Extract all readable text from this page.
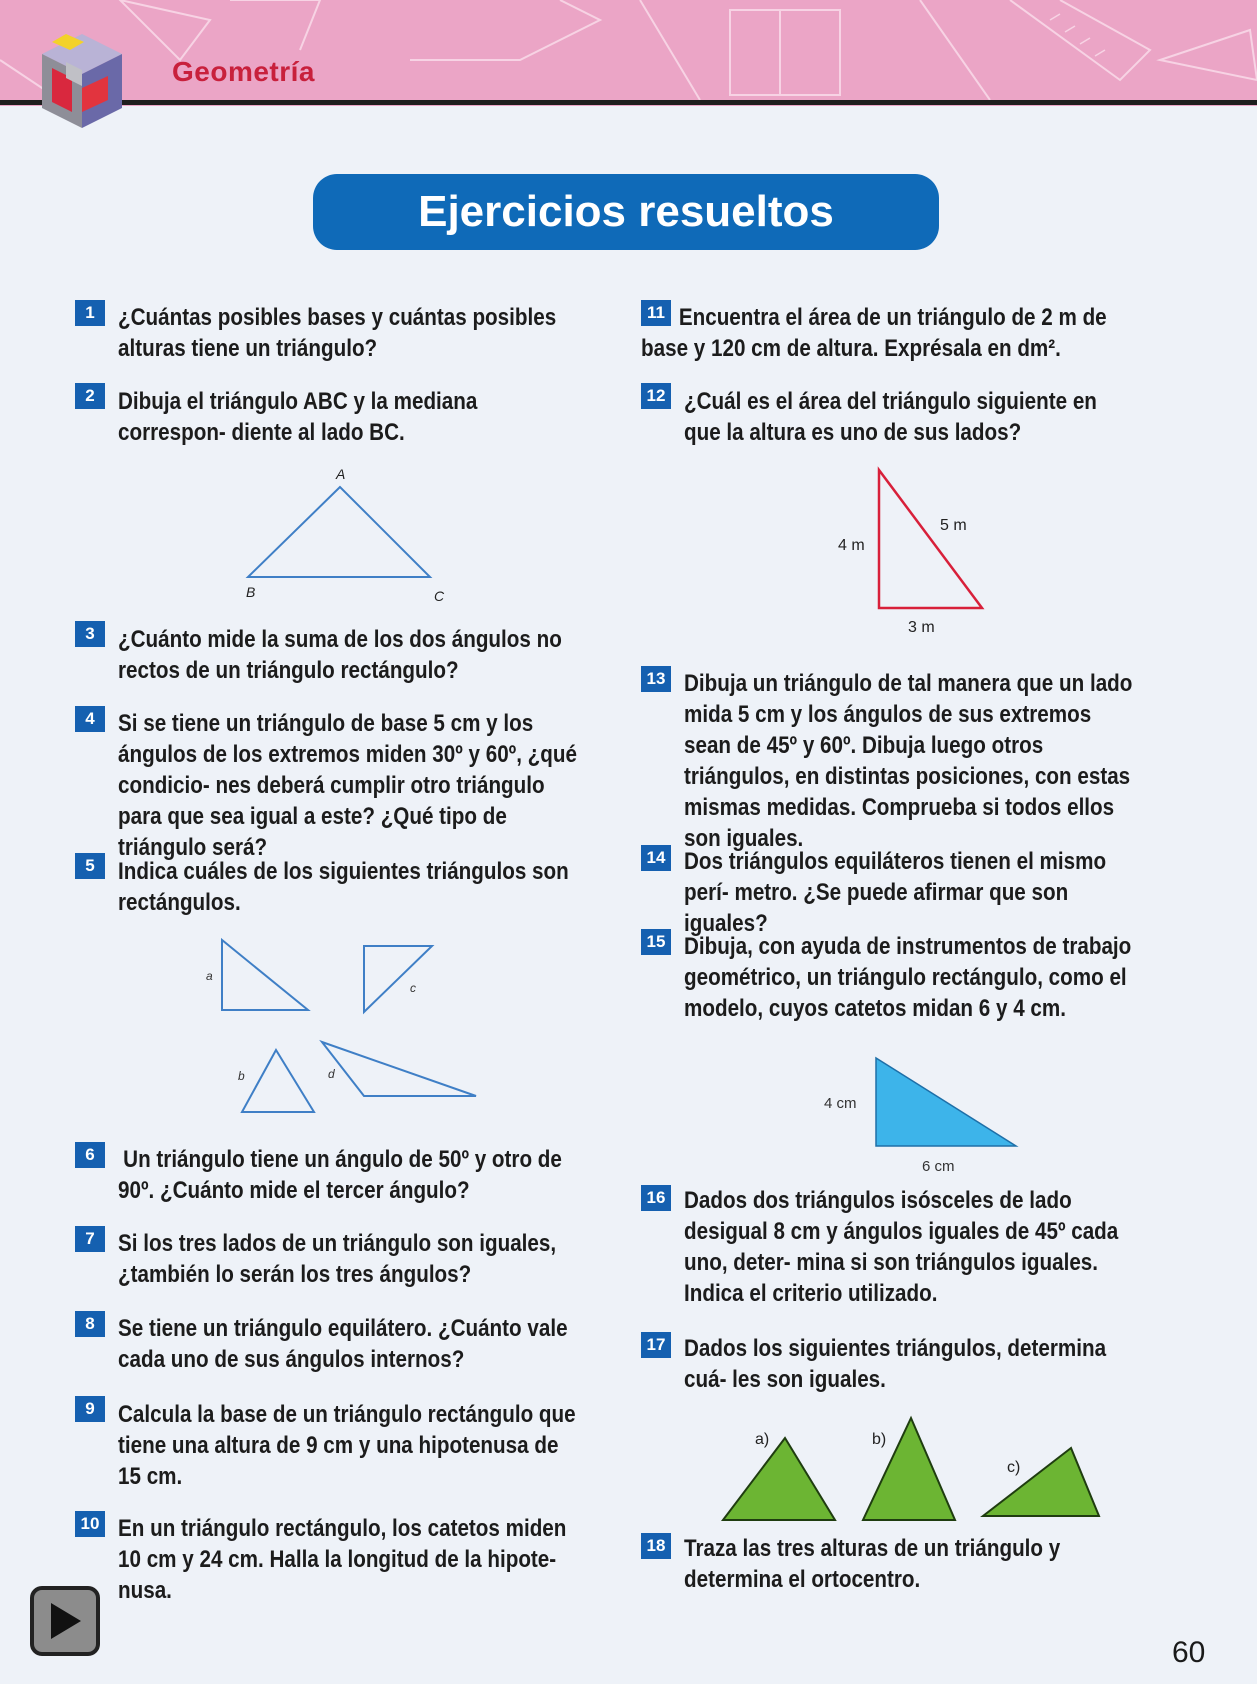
Geometría
Ejercicios resueltos
1 ¿Cuántas posibles bases y cuántas posibles alturas tiene un triángulo?
2 Dibuja el triángulo ABC y la mediana correspon- diente al lado BC.
A
B	C
3 ¿Cuánto mide la suma de los dos ángulos no rectos de un triángulo rectángulo?
4 Si se tiene un triángulo de base 5 cm y los ángulos de los extremos miden 30º y 60º, ¿qué condicio- nes deberá cumplir otro triángulo para que sea igual a este? ¿Qué tipo de triángulo será?
5 Indica cuáles de los siguientes triángulos son rectángulos.
a
b
c
d
6	Un triángulo tiene un ángulo de 50º y otro de 90º. ¿Cuánto mide el tercer ángulo?
7 Si los tres lados de un triángulo son iguales, ¿también lo serán los tres ángulos?
8 Se tiene un triángulo equilátero. ¿Cuánto vale cada uno de sus ángulos internos?
9 Calcula la base de un triángulo rectángulo que tiene una altura de 9 cm y una hipotenusa de 15 cm.
10 En un triángulo rectángulo, los catetos miden 10 cm y 24 cm. Halla la longitud de la hipote- nusa.
11 Encuentra el área de un triángulo de 2 m de base y 120 cm de altura. Exprésala en dm².
12 ¿Cuál es el área del triángulo siguiente en que la altura es uno de sus lados?
4 m
5 m
3 m
13 Dibuja un triángulo de tal manera que un lado mida 5 cm y los ángulos de sus extremos sean de 45º y 60º. Dibuja luego otros triángulos, en distintas posiciones, con estas mismas medidas. Comprueba si todos ellos son iguales.
14 Dos triángulos equiláteros tienen el mismo perí- metro. ¿Se puede afirmar que son iguales?
15 Dibuja, con ayuda de instrumentos de trabajo geométrico, un triángulo rectángulo, como el modelo, cuyos catetos midan 6 y 4 cm.
4 cm
6 cm
16 Dados dos triángulos isósceles de lado desigual 8 cm y ángulos iguales de 45º cada uno, deter- mina si son triángulos iguales. Indica el criterio utilizado.
17 Dados los siguientes triángulos, determina cuá- les son iguales.
a)	b)
c)
18 Traza las tres alturas de un triángulo y determina el ortocentro.
60
